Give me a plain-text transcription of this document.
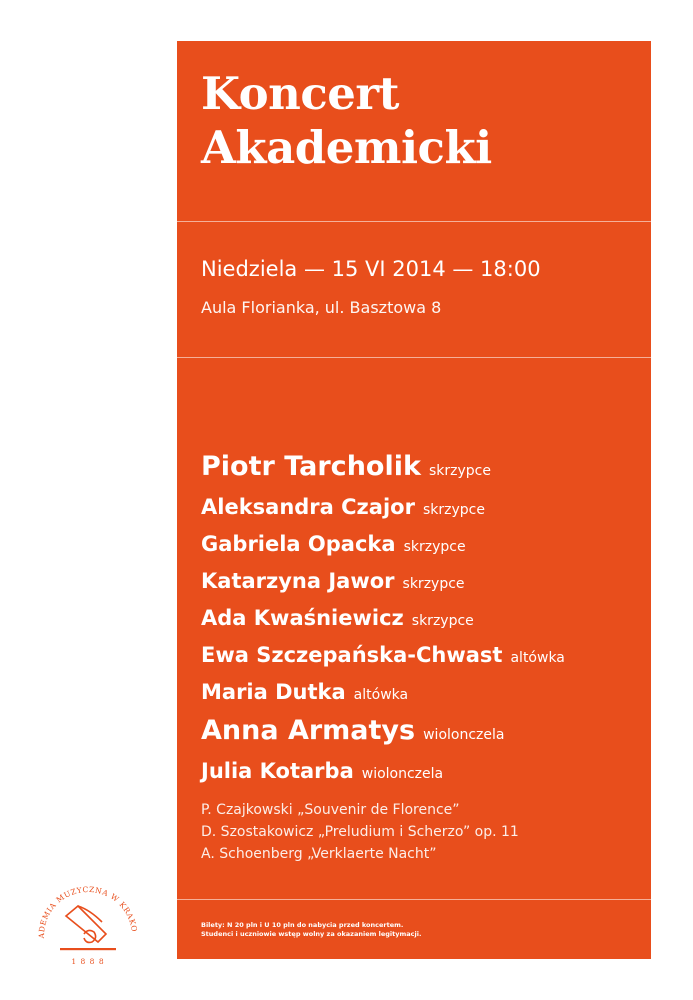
Koncert
Akademicki
Niedziela — 15 VI 2014 — 18:00
Aula Florianka, ul. Basztowa 8
Piotr Tarcholik skrzypce
Aleksandra Czajor skrzypce
Gabriela Opacka skrzypce
Katarzyna Jawor skrzypce
Ada Kwaśniewicz skrzypce
Ewa Szczepańska-Chwast altówka
Maria Dutka altówka
Anna Armatys wiolonczela
Julia Kotarba wiolonczela
P. Czajkowski „Souvenir de Florence”
D. Szostakowicz „Preludium i Scherzo” op. 11
A. Schoenberg „Verklaerte Nacht”
Bilety: N 20 pln i U 10 pln do nabycia przed koncertem.
Studenci i uczniowie wstęp wolny za okazaniem legitymacji.
ADEMIA MUZYCZNA W KRAKO
1 8 8 8
